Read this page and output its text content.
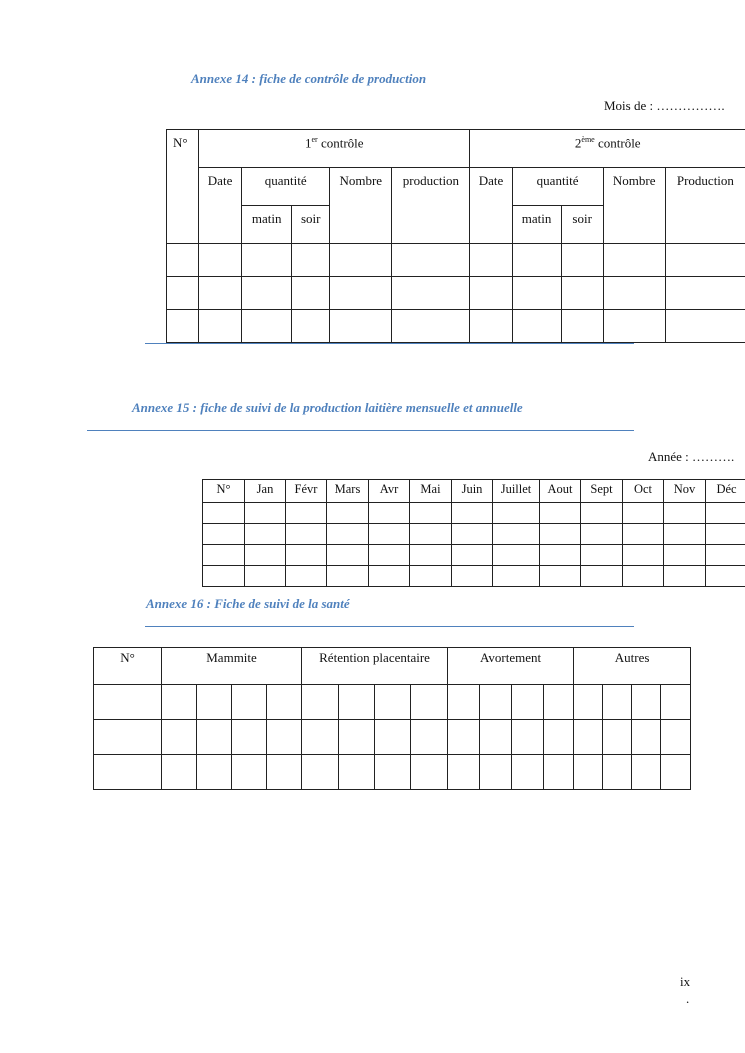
Annexe 14 : fiche de contrôle de production

Mois de : …………….
N°	1er contrôle					2ème contrôle				
	Date	quantité		Nombre	production	Date	quantité		Nombre	Production
		matin	soir				matin	soir		

Annexe 15 : fiche de suivi de la production laitière mensuelle et annuelle

Année : ……….
N°	Jan	Févr	Mars	Avr	Mai	Juin	Juillet	Aout	Sept	Oct	Nov	Déc

Annexe 16 : Fiche de suivi de la santé

N°	Mammite				Rétention placentaire				Avortement				Autres			

ix
.
